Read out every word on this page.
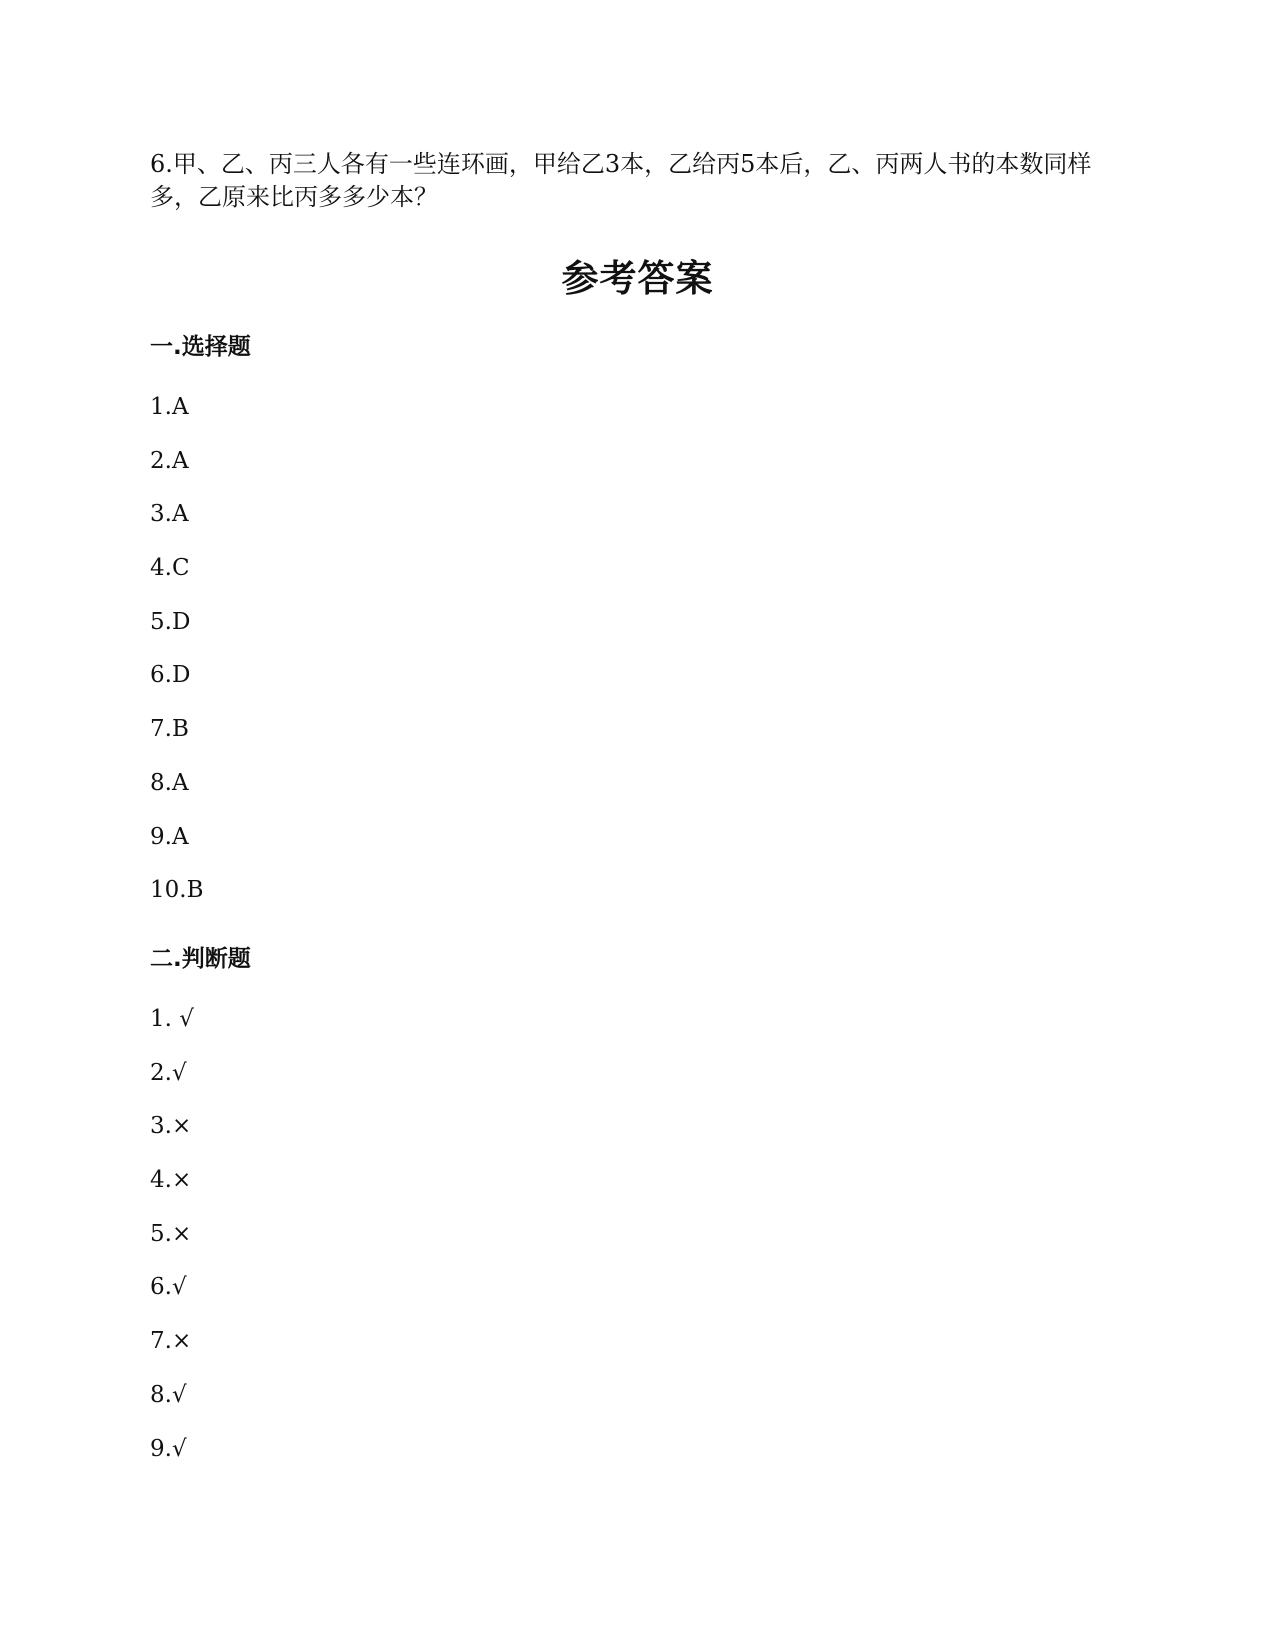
6.甲、乙、丙三人各有一些连环画，甲给乙3本，乙给丙5本后，乙、丙两人书的本数同样

多，乙原来比丙多多少本？

参考答案
一.选择题
1.A
2.A
3.A
4.C
5.D
6.D
7.B
8.A
9.A
10.B
二.判断题
1. √
2.√
3.×
4.×
5.×
6.√
7.×
8.√
9.√
